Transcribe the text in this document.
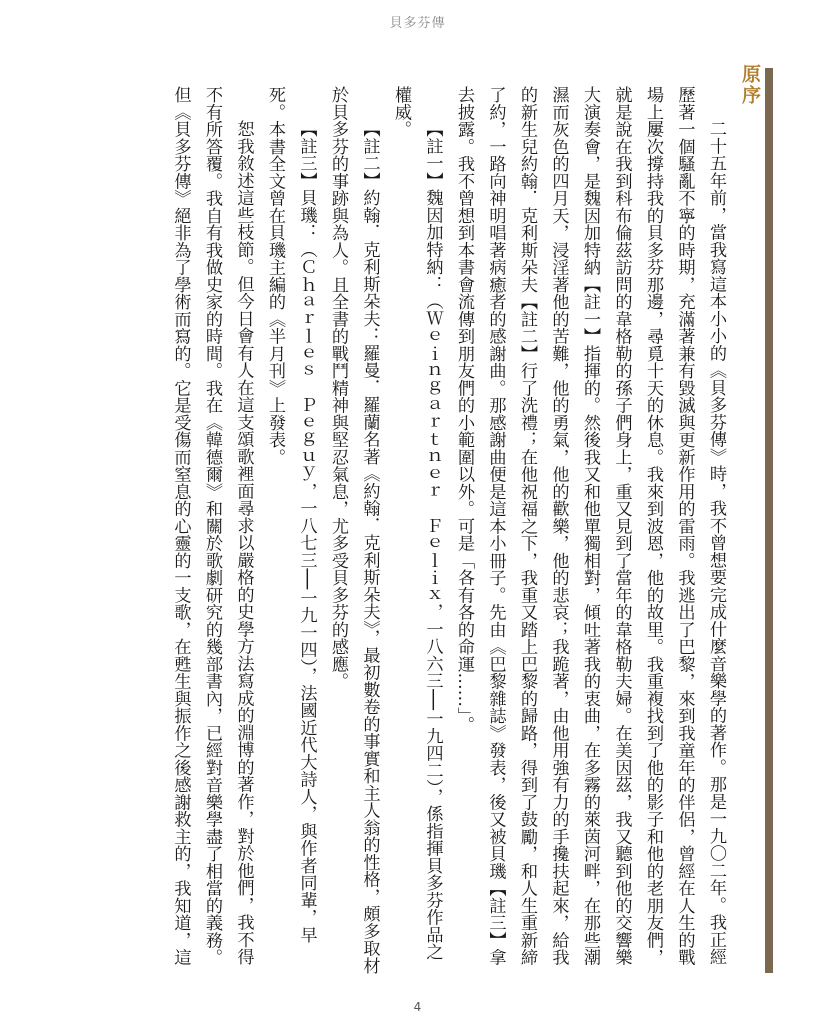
貝多芬傳
原序

二十五年前，當我寫這本小小的《貝多芬傳》時，我不曾想要完成什麼音樂學的著作。那是一九〇二年。我正經歷著一個騷亂不寧的時期，充滿著兼有毀滅與更新作用的雷雨。我逃出了巴黎，來到我童年的伴侶，曾經在人生的戰場上屢次撐持我的貝多芬那邊，尋覓十天的休息。我來到波恩，他的故里。我重複找到了他的影子和他的老朋友們，就是說在我到科布倫茲訪問的韋格勒的孫子們身上，重又見到了當年的韋格勒夫婦。在美因茲，我又聽到他的交響樂大演奏會，是魏因加特納【註一】指揮的。然後我又和他單獨相對，傾吐著我的衷曲，在多霧的萊茵河畔，在那些潮濕而灰色的四月天，浸淫著他的苦難，他的勇氣，他的歡樂，他的悲哀；我跪著，由他用強有力的手攙扶起來，給我的新生兒約翰．克利斯朵夫【註二】行了洗禮；在他祝福之下，我重又踏上巴黎的歸路，得到了鼓勵，和人生重新締了約，一路向神明唱著病癒者的感謝曲。那感謝曲便是這本小冊子。先由《巴黎雜誌》發表，後又被貝璣【註三】拿去披露。我不曾想到本書會流傳到朋友們的小範圍以外。可是「各有各的命運……」。

【註一】魏因加特納：（Ｗｅｉｎｇａｒｔｎｅｒ　Ｆｅｌｉｘ，一八六三──一九四二），係指揮貝多芬作品之權威。

【註二】約翰．克利斯朵夫：羅曼．羅蘭名著《約翰．克利斯朵夫》，最初數卷的事實和主人翁的性格，頗多取材於貝多芬的事跡與為人。且全書的戰鬥精神與堅忍氣息，尤多受貝多芬的感應。

【註三】貝璣：（Ｃｈａｒｌｅｓ　Ｐｅｇｕｙ，一八七三──一九一四），法國近代大詩人，與作者同輩，早死。本書全文曾在貝璣主編的《半月刊》上發表。

恕我敘述這些枝節。但今日會有人在這支頌歌裡面尋求以嚴格的史學方法寫成的淵博的著作，對於他們，我不得不有所答覆。我自有我做史家的時間。我在《韓德爾》和關於歌劇研究的幾部書內，已經對音樂學盡了相當的義務。但《貝多芬傳》絕非為了學術而寫的。它是受傷而窒息的心靈的一支歌，在甦生與振作之後感謝救主的，我知道，這

4
